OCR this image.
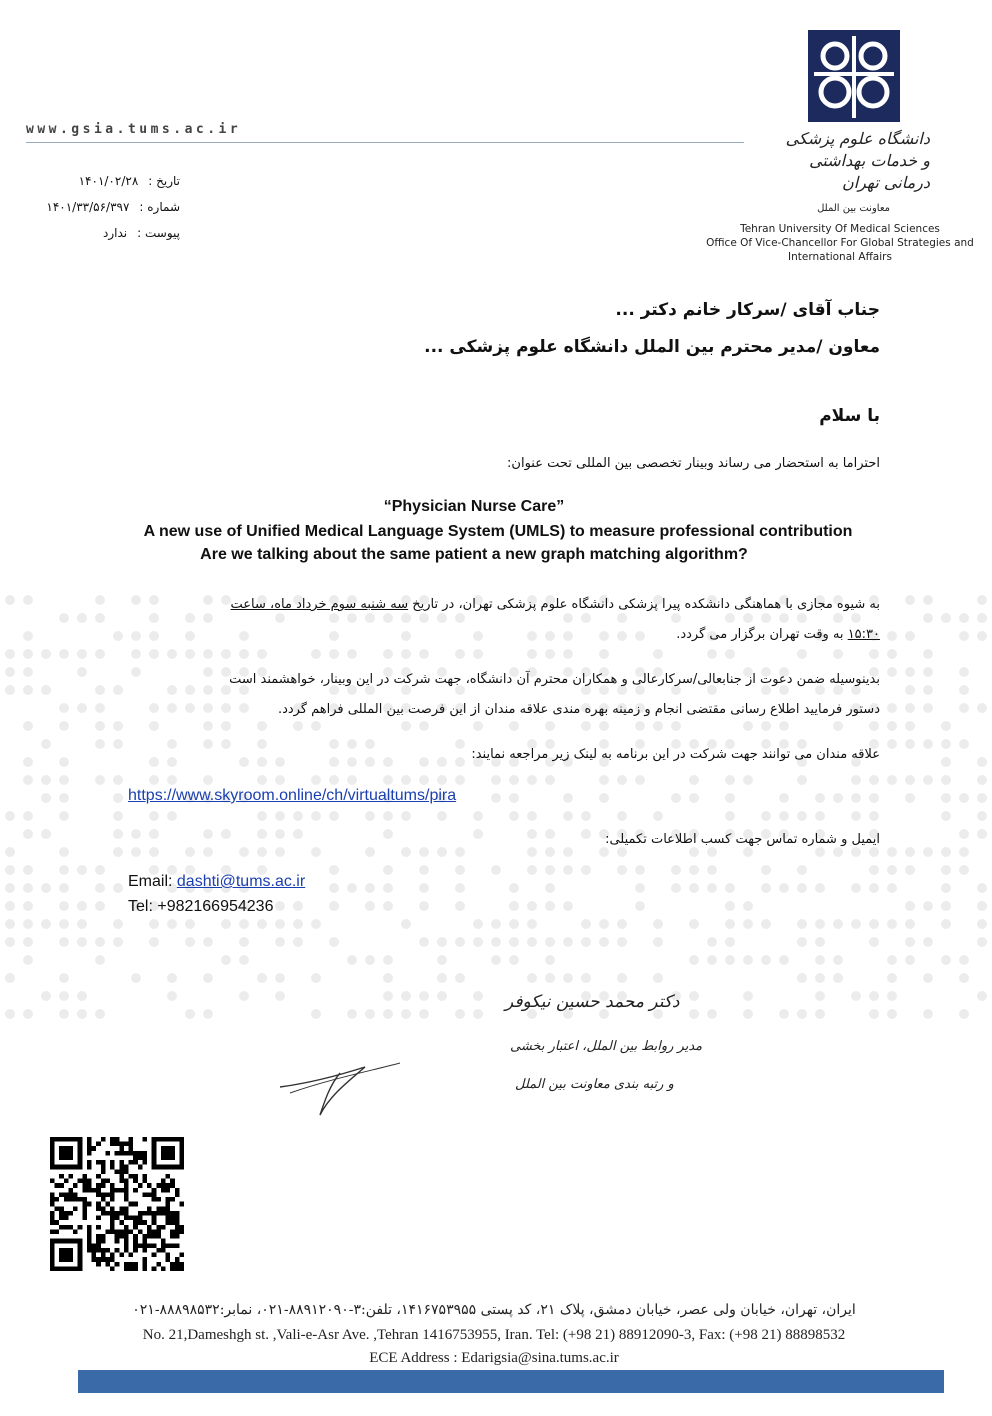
www.gsia.tums.ac.ir	دانشگاه علوم پزشکی
و خدمات بهداشتی درمانی تهران
معاونت بین الملل
Tehran University Of Medical Sciences
Office Of Vice-Chancellor For Global Strategies and
International Affairs
تاریخ :
۱۴۰۱/۰۲/۲۸
شماره :
۱۴۰۱/۳۳/۵۶/۳۹۷
پیوست :
ندارد
جناب آقای /سرکار خانم دکتر ...
معاون /مدیر محترم بین الملل دانشگاه علوم پزشکی ...
با سلام
احتراما به استحضار می رساند وبینار تخصصی بین المللی تحت عنوان:
“Physician Nurse Care”
A new use of Unified Medical Language System (UMLS) to measure professional contribution
Are we talking about the same patient a new graph matching algorithm?
به شیوه مجازی با هماهنگی دانشکده پیرا پزشکی دانشگاه علوم پزشکی تهران، در تاریخ سه شنبه سوم خرداد ماه، ساعت
۱۵:۳۰ به وقت تهران برگزار می گردد.
بدینوسیله ضمن دعوت از جنابعالی/سرکارعالی و همکاران محترم آن دانشگاه، جهت شرکت در این وبینار، خواهشمند است
دستور فرمایید اطلاع رسانی مقتضی انجام و زمینه بهره مندی علاقه مندان از این فرصت بین المللی فراهم گردد.
علاقه مندان می توانند جهت شرکت در این برنامه به لینک زیر مراجعه نمایند:
https://www.skyroom.online/ch/virtualtums/pira
ایمیل و شماره تماس جهت کسب اطلاعات تکمیلی:
Email: dashti@tums.ac.ir
Tel: +982166954236
دکتر محمد حسین نیکوفر
مدیر روابط بین الملل، اعتبار بخشی
و رتبه بندی معاونت بین الملل
ایران، تهران، خیابان ولی عصر، خیابان دمشق، پلاک ۲۱، کد پستی ۱۴۱۶۷۵۳۹۵۵، تلفن:۳-۸۸۹۱۲۰۹۰-۰۲۱، نمابر:۸۸۸۹۸۵۳۲-۰۲۱
No. 21,Dameshgh st. ,Vali-e-Asr Ave. ,Tehran 1416753955, Iran. Tel: (+98 21) 88912090-3, Fax: (+98 21) 88898532
ECE Address : Edarigsia@sina.tums.ac.ir
